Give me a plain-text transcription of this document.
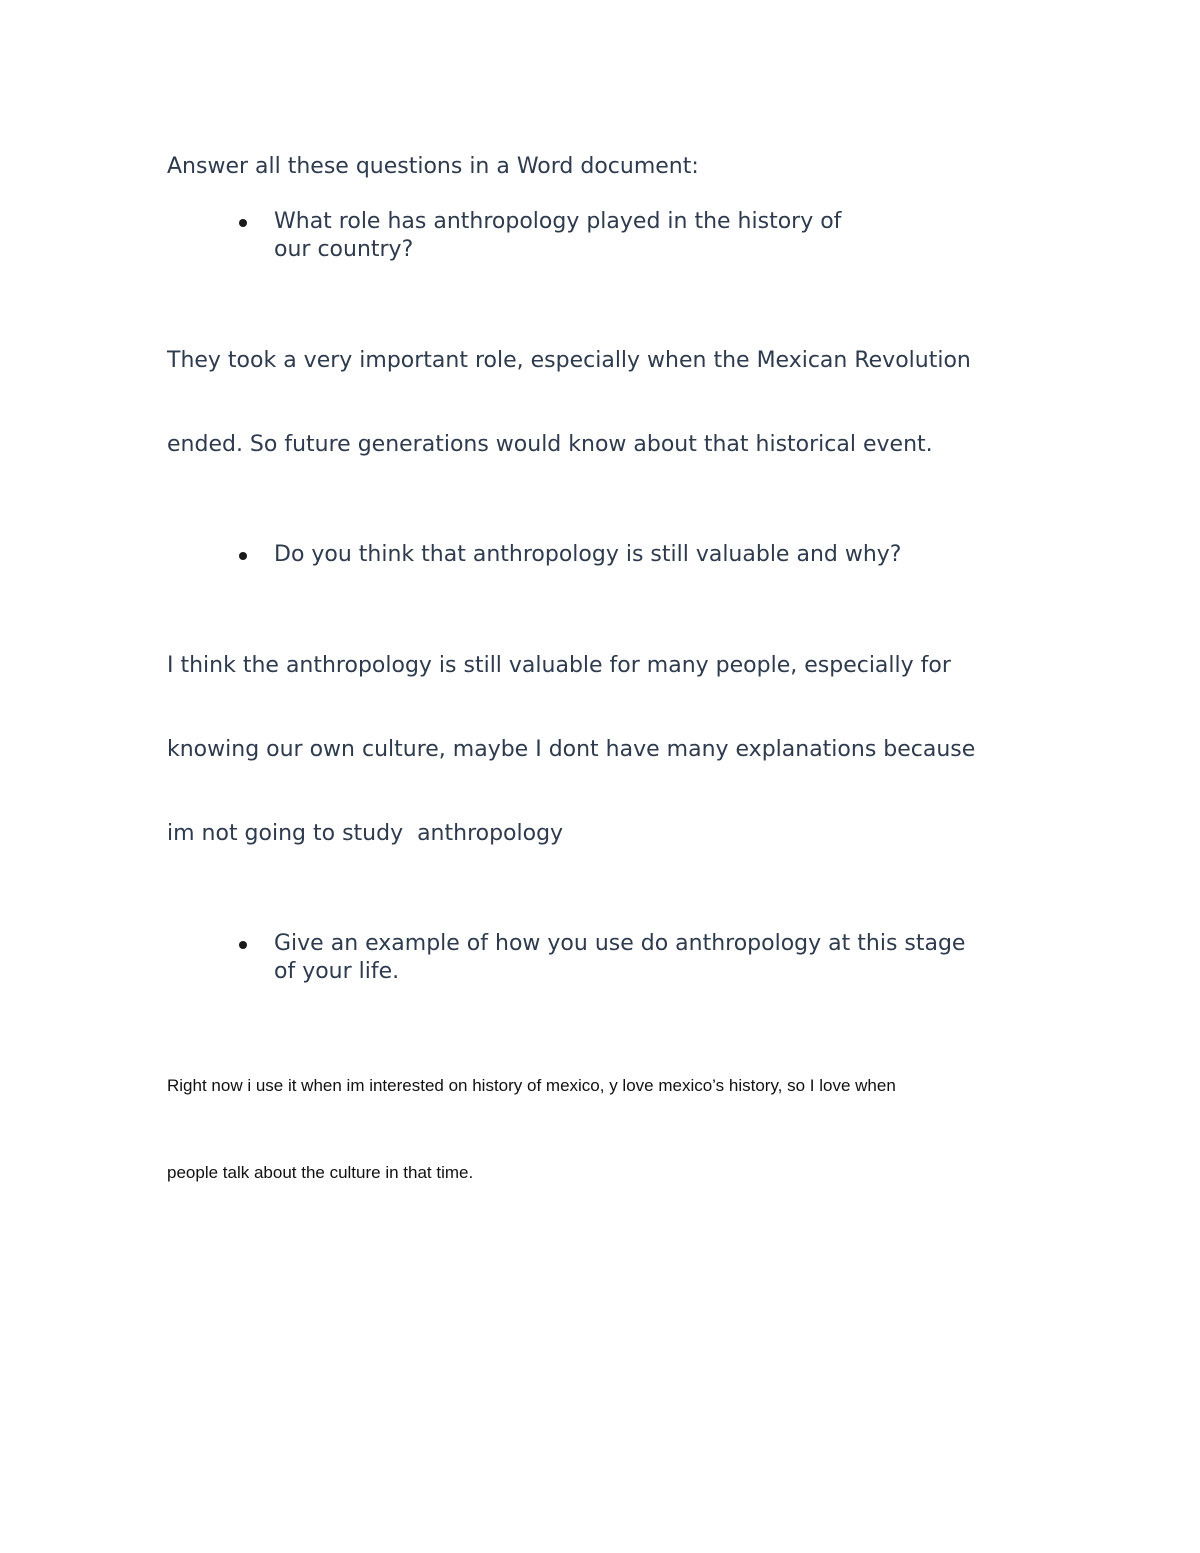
Answer all these questions in a Word document:

What role has anthropology played in the history of
our country?

They took a very important role, especially when the Mexican Revolution

ended. So future generations would know about that historical event.

Do you think that anthropology is still valuable and why?

I think the anthropology is still valuable for many people, especially for

knowing our own culture, maybe I dont have many explanations because

im not going to study  anthropology

Give an example of how you use do anthropology at this stage
of your life.

Right now i use it when im interested on history of mexico, y love mexico’s history, so I love when

people talk about the culture in that time.
